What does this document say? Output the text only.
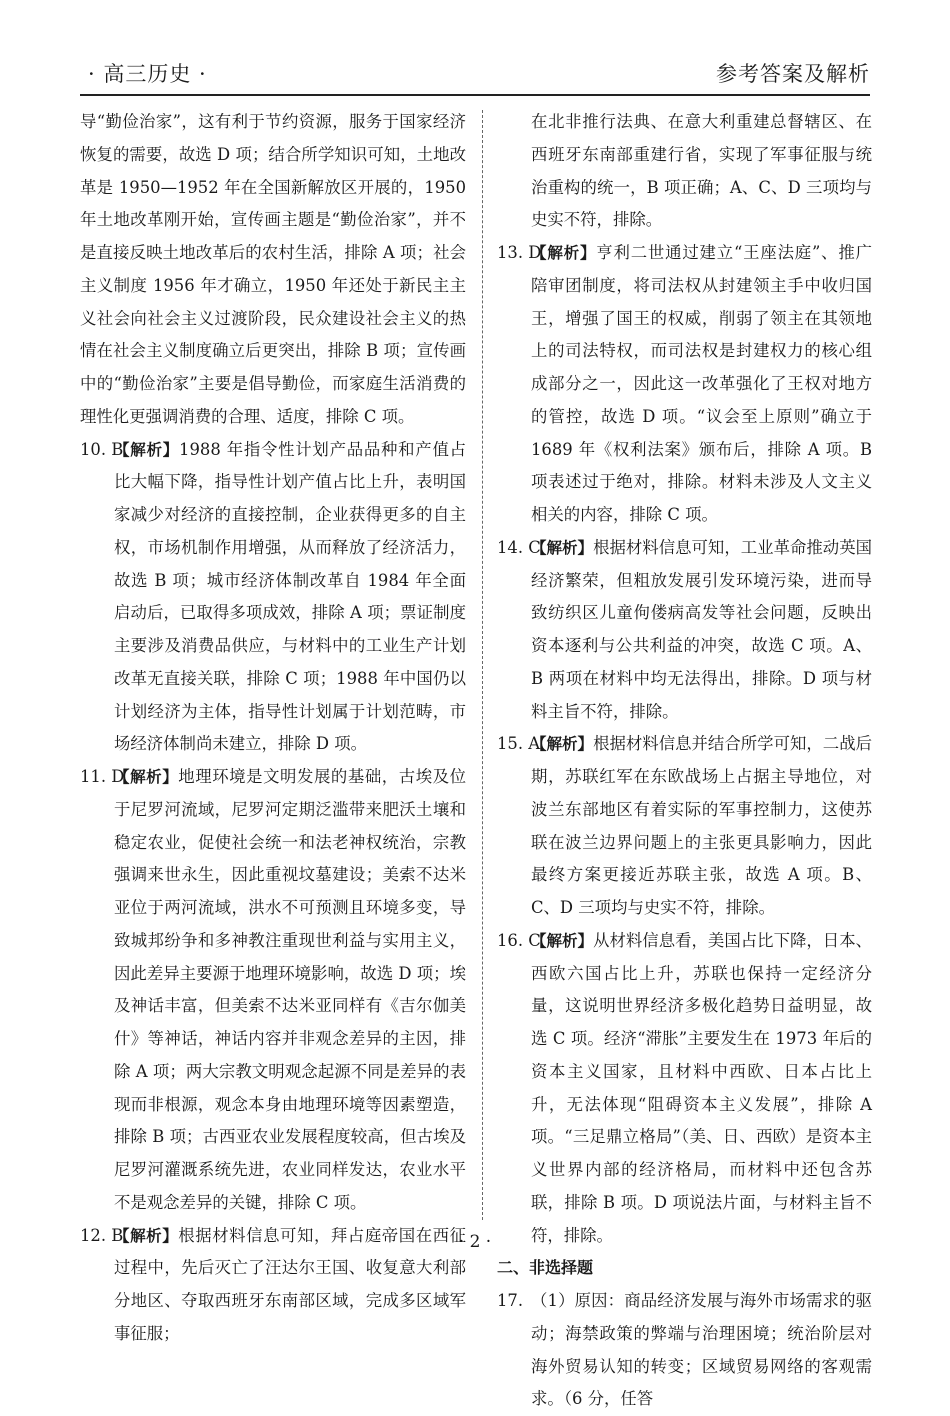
· 高三历史 ·	参考答案及解析

导“勤俭治家”，这有利于节约资源，服务于国家经济恢复的需要，故选 D 项；结合所学知识可知，土地改革是 1950—1952 年在全国新解放区开展的，1950 年土地改革刚开始，宣传画主题是“勤俭治家”，并不是直接反映土地改革后的农村生活，排除 A 项；社会主义制度 1956 年才确立，1950 年还处于新民主主义社会向社会主义过渡阶段，民众建设社会主义的热情在社会主义制度确立后更突出，排除 B 项；宣传画中的“勤俭治家”主要是倡导勤俭，而家庭生活消费的理性化更强调消费的合理、适度，排除 C 项。

10. B
【解析】1988 年指令性计划产品品种和产值占比大幅下降，指导性计划产值占比上升，表明国家减少对经济的直接控制，企业获得更多的自主权，市场机制作用增强，从而释放了经济活力，故选 B 项；城市经济体制改革自 1984 年全面启动后，已取得多项成效，排除 A 项；票证制度主要涉及消费品供应，与材料中的工业生产计划改革无直接关联，排除 C 项；1988 年中国仍以计划经济为主体，指导性计划属于计划范畴，市场经济体制尚未建立，排除 D 项。

11. D
【解析】地理环境是文明发展的基础，古埃及位于尼罗河流域，尼罗河定期泛滥带来肥沃土壤和稳定农业，促使社会统一和法老神权统治，宗教强调来世永生，因此重视坟墓建设；美索不达米亚位于两河流域，洪水不可预测且环境多变，导致城邦纷争和多神教注重现世利益与实用主义，因此差异主要源于地理环境影响，故选 D 项；埃及神话丰富，但美索不达米亚同样有《吉尔伽美什》等神话，神话内容并非观念差异的主因，排除 A 项；两大宗教文明观念起源不同是差异的表现而非根源，观念本身由地理环境等因素塑造，排除 B 项；古西亚农业发展程度较高，但古埃及尼罗河灌溉系统先进，农业同样发达，农业水平不是观念差异的关键，排除 C 项。

12. B
【解析】根据材料信息可知，拜占庭帝国在西征过程中，先后灭亡了汪达尔王国、收复意大利部分地区、夺取西班牙东南部区域，完成多区域军事征服；

在北非推行法典、在意大利重建总督辖区、在西班牙东南部重建行省，实现了军事征服与统治重构的统一，B 项正确；A、C、D 三项均与史实不符，排除。

13. D
【解析】亨利二世通过建立“王座法庭”、推广陪审团制度，将司法权从封建领主手中收归国王，增强了国王的权威，削弱了领主在其领地上的司法特权，而司法权是封建权力的核心组成部分之一，因此这一改革强化了王权对地方的管控，故选 D 项。“议会至上原则”确立于 1689 年《权利法案》颁布后，排除 A 项。B 项表述过于绝对，排除。材料未涉及人文主义相关的内容，排除 C 项。

14. C
【解析】根据材料信息可知，工业革命推动英国经济繁荣，但粗放发展引发环境污染，进而导致纺织区儿童佝偻病高发等社会问题，反映出资本逐利与公共利益的冲突，故选 C 项。A、B 两项在材料中均无法得出，排除。D 项与材料主旨不符，排除。

15. A
【解析】根据材料信息并结合所学可知，二战后期，苏联红军在东欧战场上占据主导地位，对波兰东部地区有着实际的军事控制力，这使苏联在波兰边界问题上的主张更具影响力，因此最终方案更接近苏联主张，故选 A 项。B、C、D 三项均与史实不符，排除。

16. C
【解析】从材料信息看，美国占比下降，日本、西欧六国占比上升，苏联也保持一定经济分量，这说明世界经济多极化趋势日益明显，故选 C 项。经济“滞胀”主要发生在 1973 年后的资本主义国家，且材料中西欧、日本占比上升，无法体现“阻碍资本主义发展”，排除 A 项。“三足鼎立格局”（美、日、西欧）是资本主义世界内部的经济格局，而材料中还包含苏联，排除 B 项。D 项说法片面，与材料主旨不符，排除。

二、非选择题

17. （1）原因：商品经济发展与海外市场需求的驱动；海禁政策的弊端与治理困境；统治阶层对海外贸易认知的转变；区域贸易网络的客观需求。（6 分，任答

· 2 ·
